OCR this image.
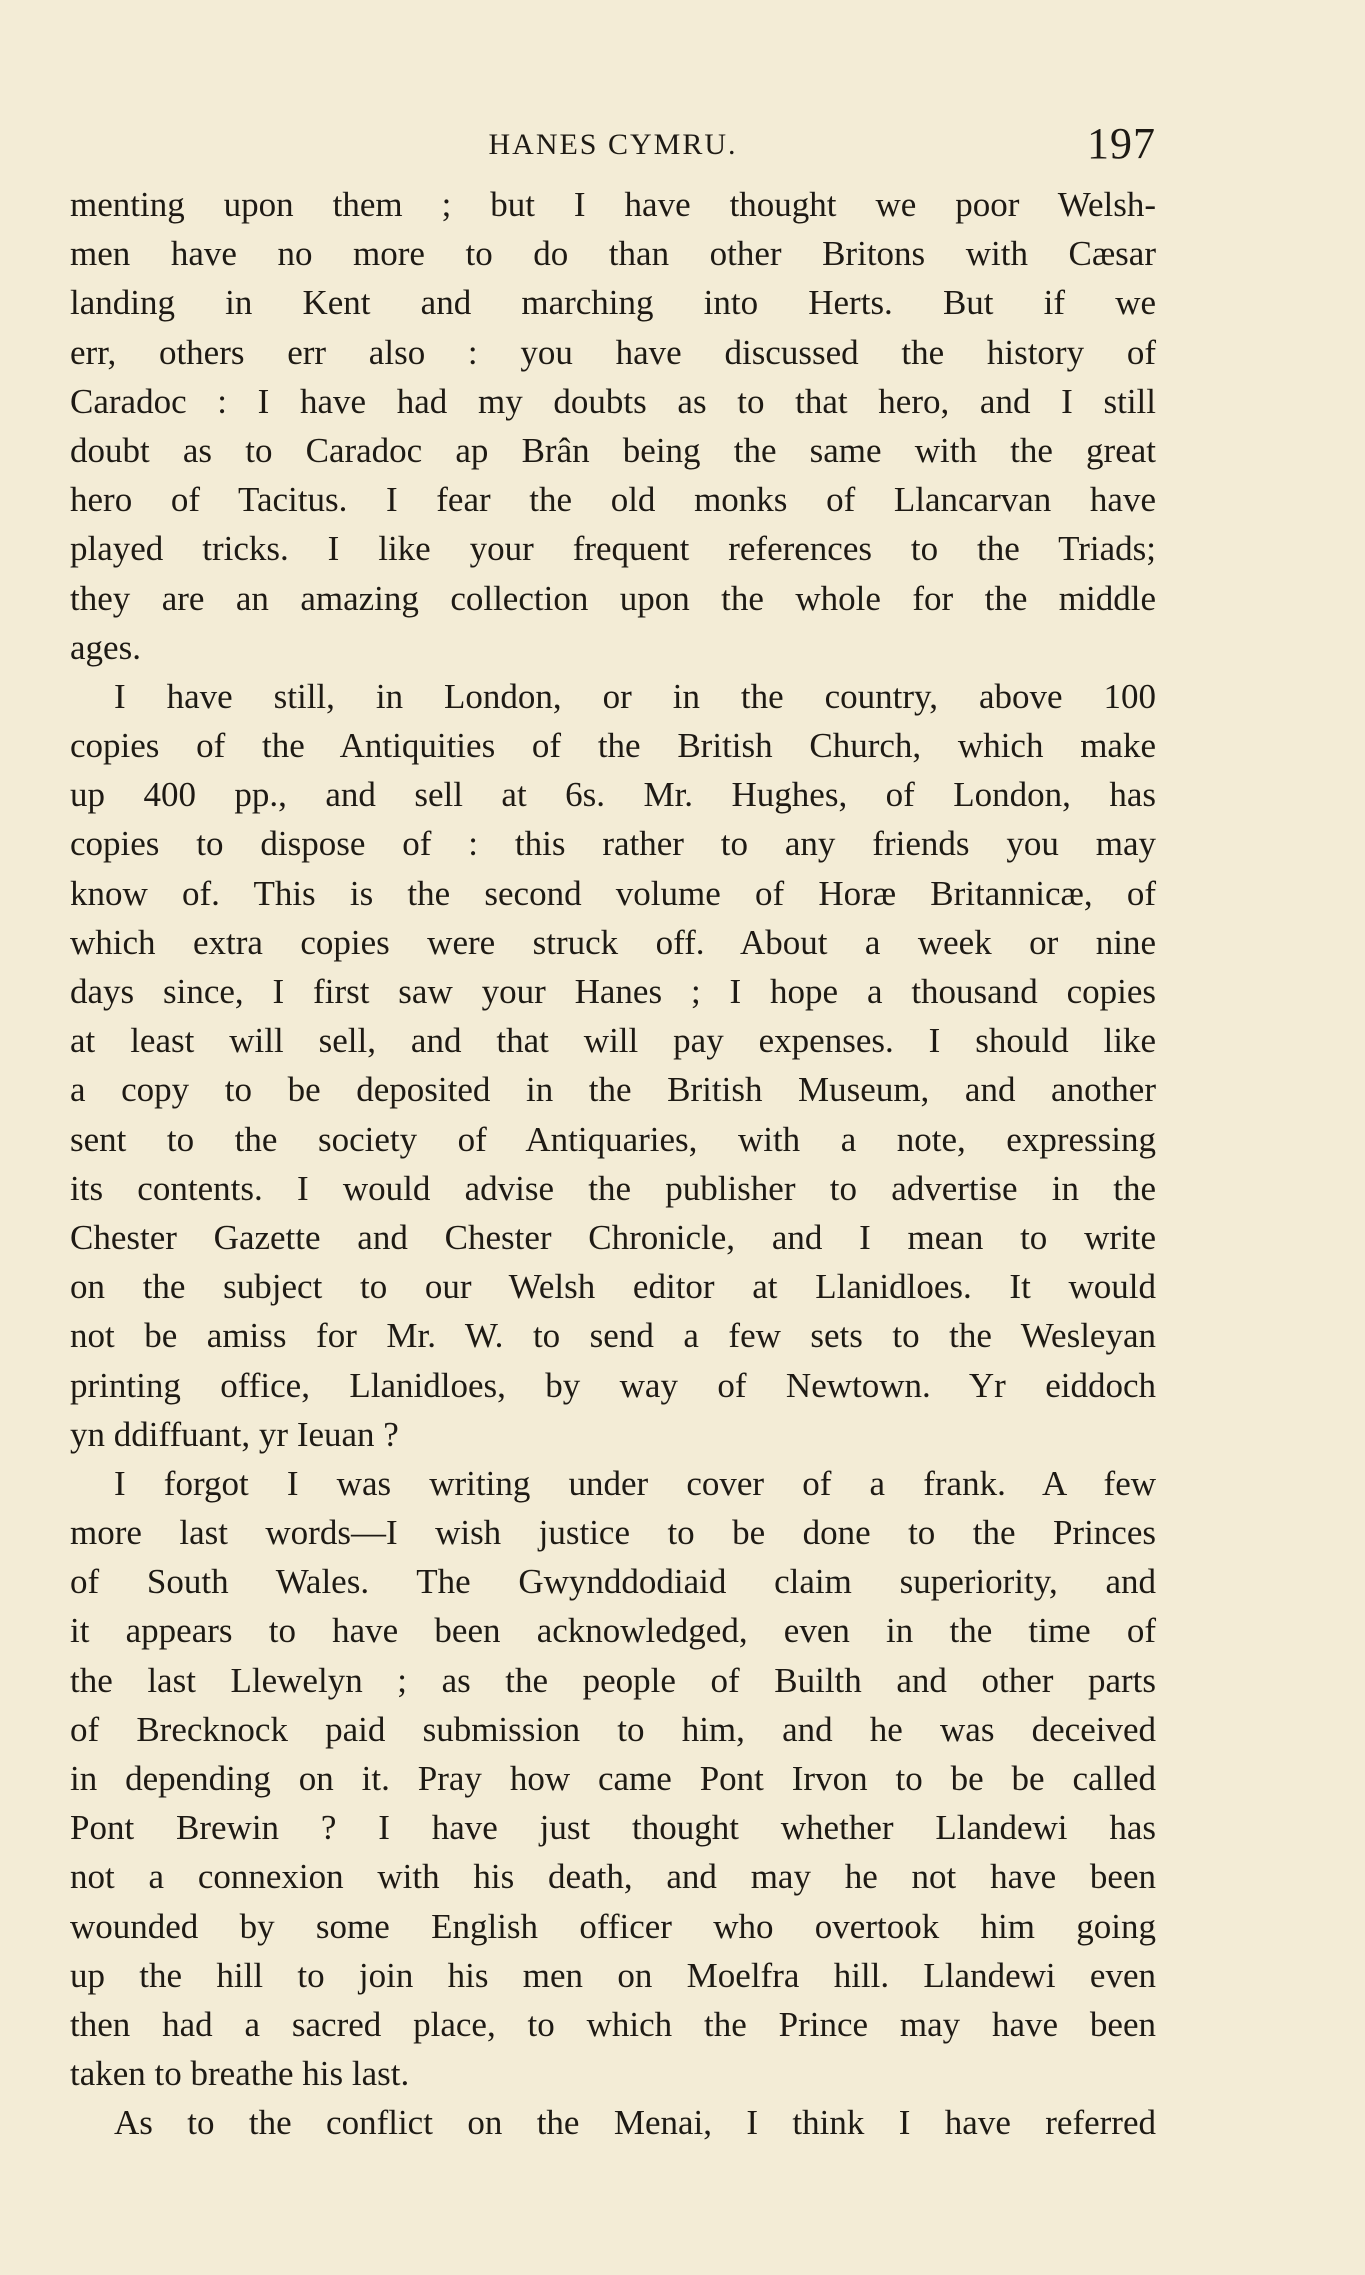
HANES CYMRU.	197
menting upon them ; but I have thought we poor Welsh-
men have no more to do than other Britons with Cæsar
landing in Kent and marching into Herts. But if we
err, others err also : you have discussed the history of
Caradoc : I have had my doubts as to that hero, and I still
doubt as to Caradoc ap Brân being the same with the great
hero of Tacitus. I fear the old monks of Llancarvan have
played tricks. I like your frequent references to the Triads;
they are an amazing collection upon the whole for the middle
ages.
I have still, in London, or in the country, above 100
copies of the Antiquities of the British Church, which make
up 400 pp., and sell at 6s. Mr. Hughes, of London, has
copies to dispose of : this rather to any friends you may
know of. This is the second volume of Horæ Britannicæ, of
which extra copies were struck off. About a week or nine
days since, I first saw your Hanes ; I hope a thousand copies
at least will sell, and that will pay expenses. I should like
a copy to be deposited in the British Museum, and another
sent to the society of Antiquaries, with a note, expressing
its contents. I would advise the publisher to advertise in the
Chester Gazette and Chester Chronicle, and I mean to write
on the subject to our Welsh editor at Llanidloes. It would
not be amiss for Mr. W. to send a few sets to the Wesleyan
printing office, Llanidloes, by way of Newtown. Yr eiddoch
yn ddiffuant, yr Ieuan ?
I forgot I was writing under cover of a frank. A few
more last words—I wish justice to be done to the Princes
of South Wales. The Gwynddodiaid claim superiority, and
it appears to have been acknowledged, even in the time of
the last Llewelyn ; as the people of Builth and other parts
of Brecknock paid submission to him, and he was deceived
in depending on it. Pray how came Pont Irvon to be be called
Pont Brewin ? I have just thought whether Llandewi has
not a connexion with his death, and may he not have been
wounded by some English officer who overtook him going
up the hill to join his men on Moelfra hill. Llandewi even
then had a sacred place, to which the Prince may have been
taken to breathe his last.
As to the conflict on the Menai, I think I have referred
